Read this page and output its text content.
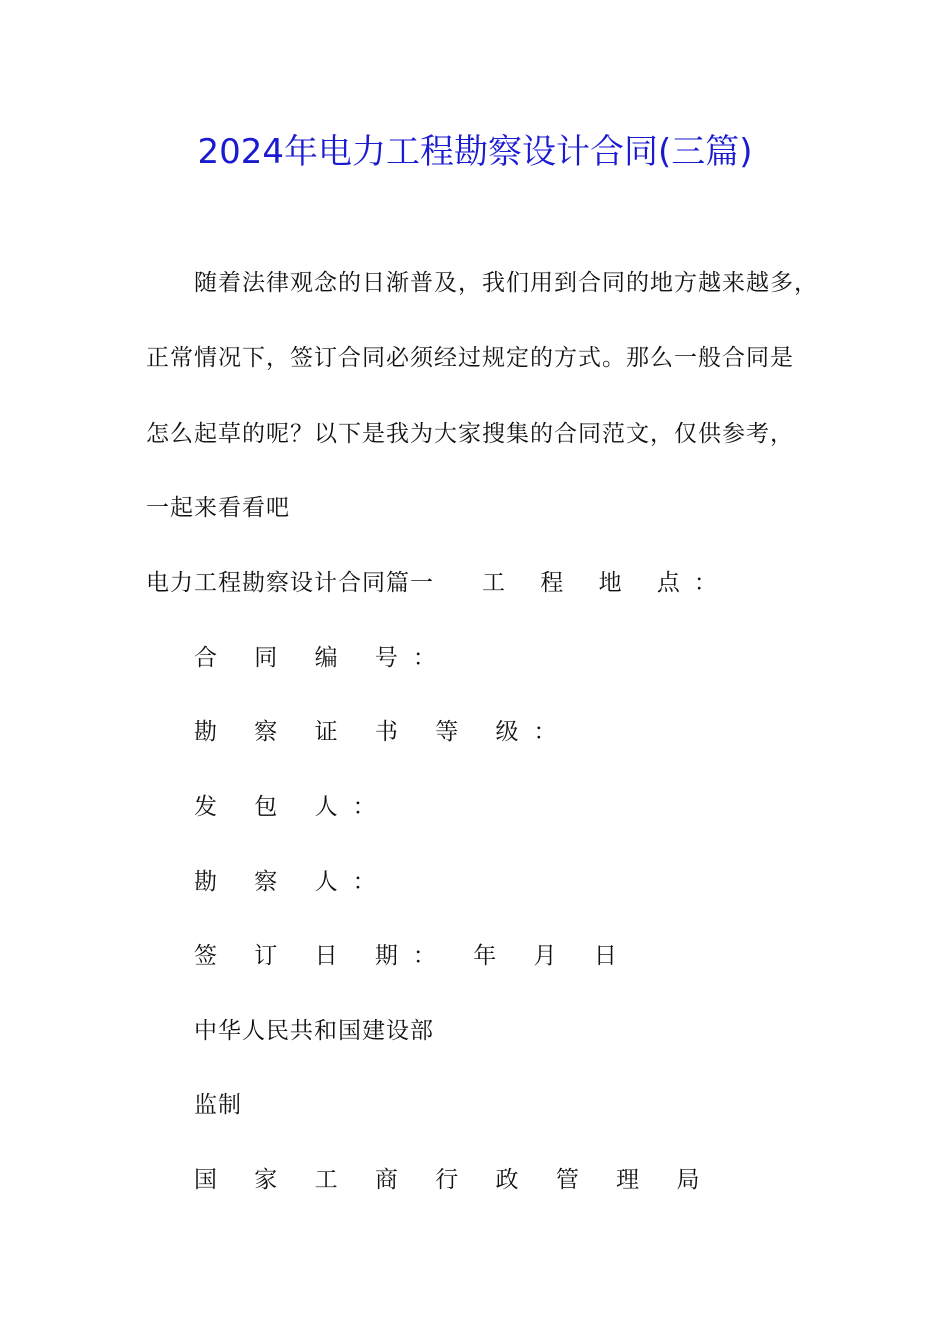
2024年电力工程勘察设计合同(三篇)
随着法律观念的日渐普及，我们用到合同的地方越来越多，
正常情况下，签订合同必须经过规定的方式。那么一般合同是
怎么起草的呢？以下是我为大家搜集的合同范文，仅供参考，
一起来看看吧
电力工程勘察设计合同篇一 工 程 地 点：
合 同 编 号：
勘 察 证 书 等 级：
发 包 人：
勘 察 人：
签 订 日 期： 年 月 日
中华人民共和国建设部
监制
国 家 工 商 行 政 管 理 局
